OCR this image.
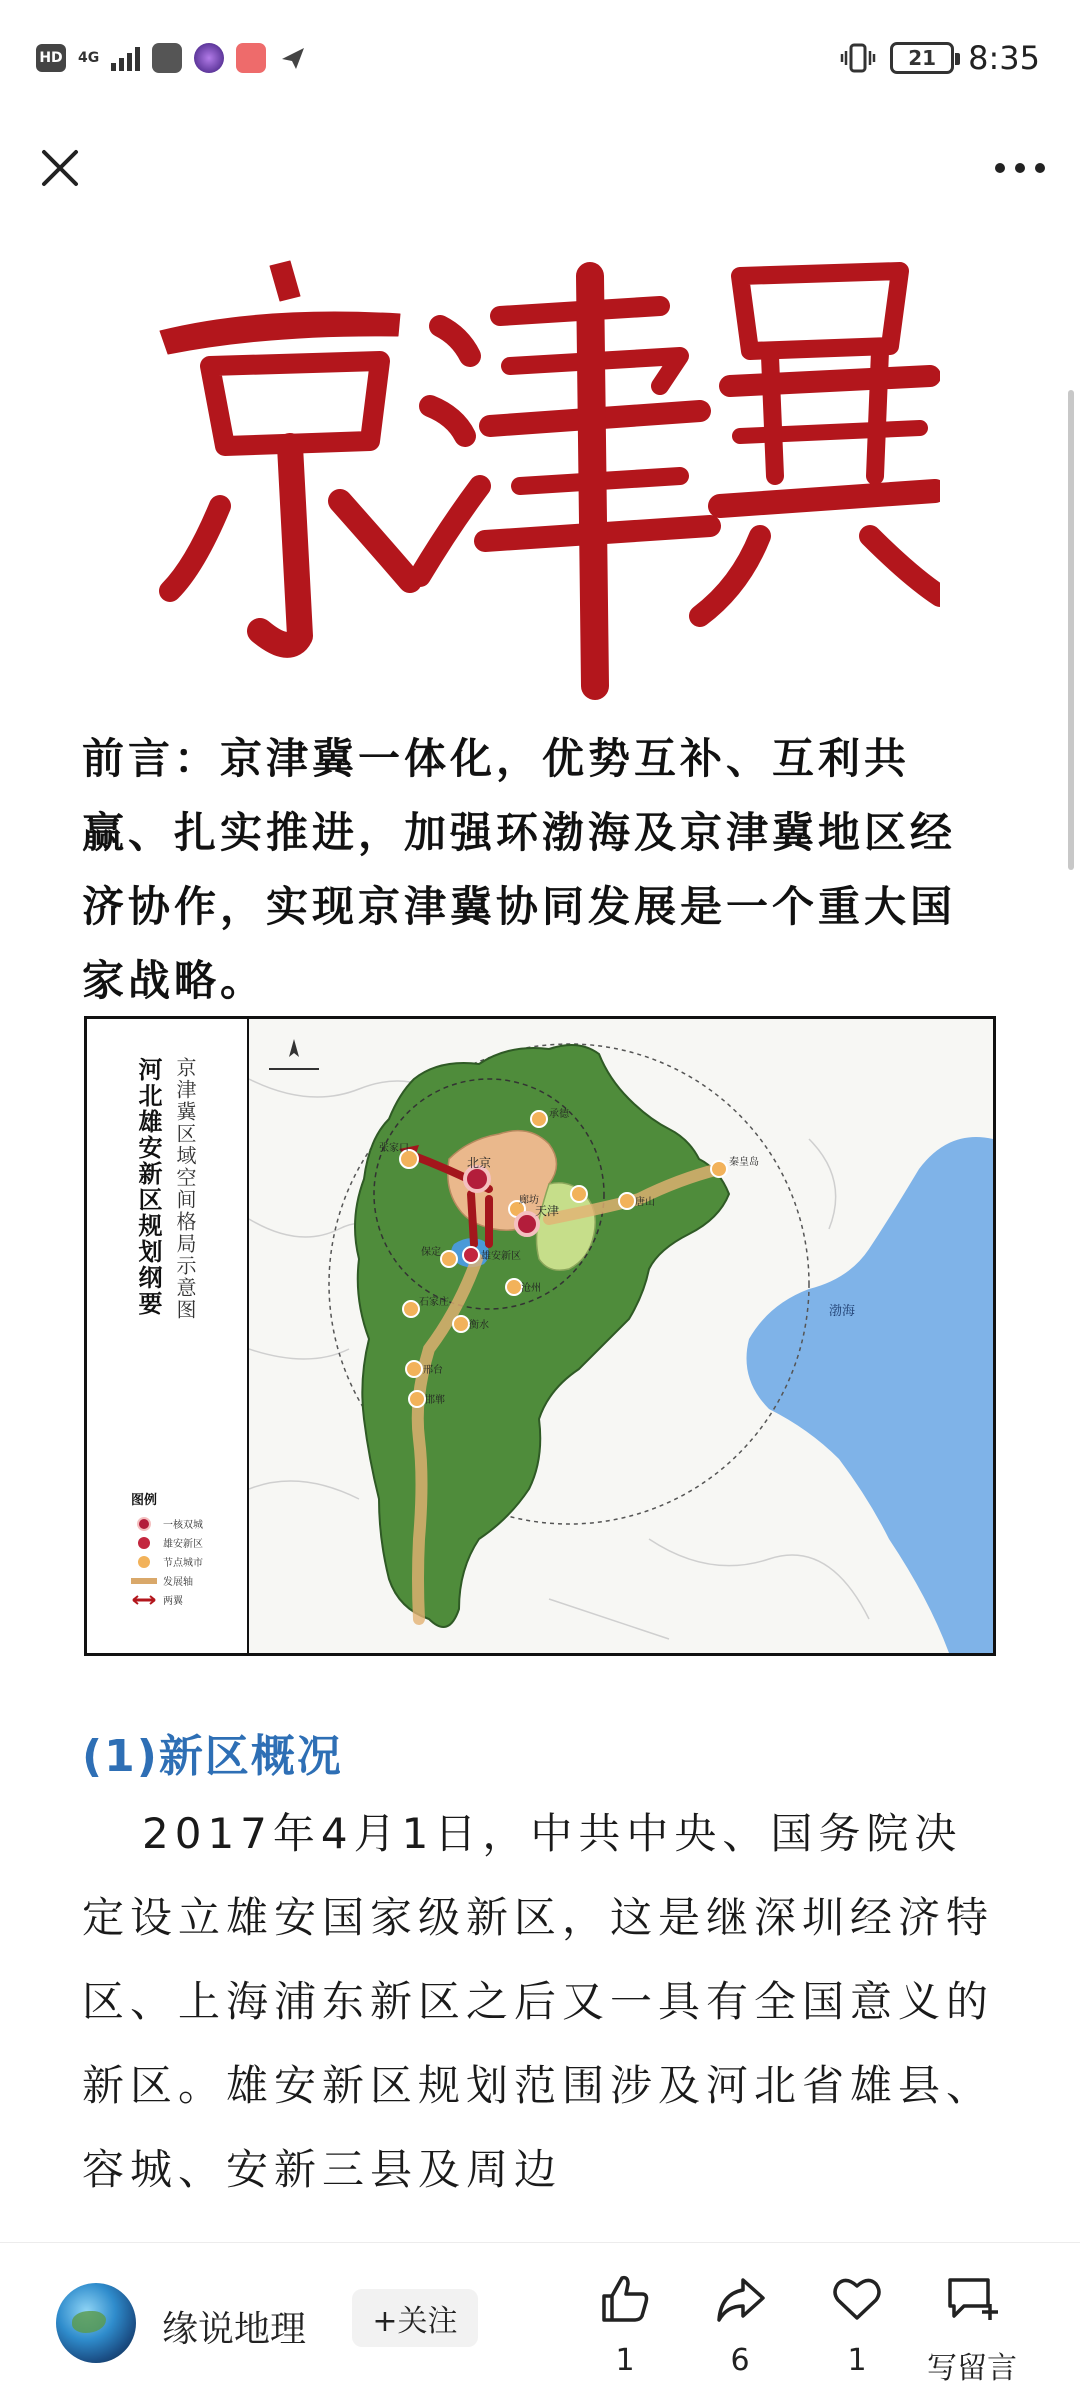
HD 4G	21	8:35
前言：京津冀一体化，优势互补、互利共赢、扎实推进，加强环渤海及京津冀地区经济协作，实现京津冀协同发展是一个重大国家战略。
河北雄安新区规划纲要 京津冀区域空间格局示意图
图例
一核双城
雄安新区
节点城市
发展轴
两翼
北京
天津
雄安新区
渤海
秦皇岛
张家口
承德
唐山
廊坊
保定
沧州
石家庄
衡水
邢台
邯郸
(1)新区概况
2017年4月1日，中共中央、国务院决定设立雄安国家级新区，这是继深圳经济特区、上海浦东新区之后又一具有全国意义的新区。雄安新区规划范围涉及河北省雄县、容城、安新三县及周边
缘说地理	+关注
1	6	1 写留言
